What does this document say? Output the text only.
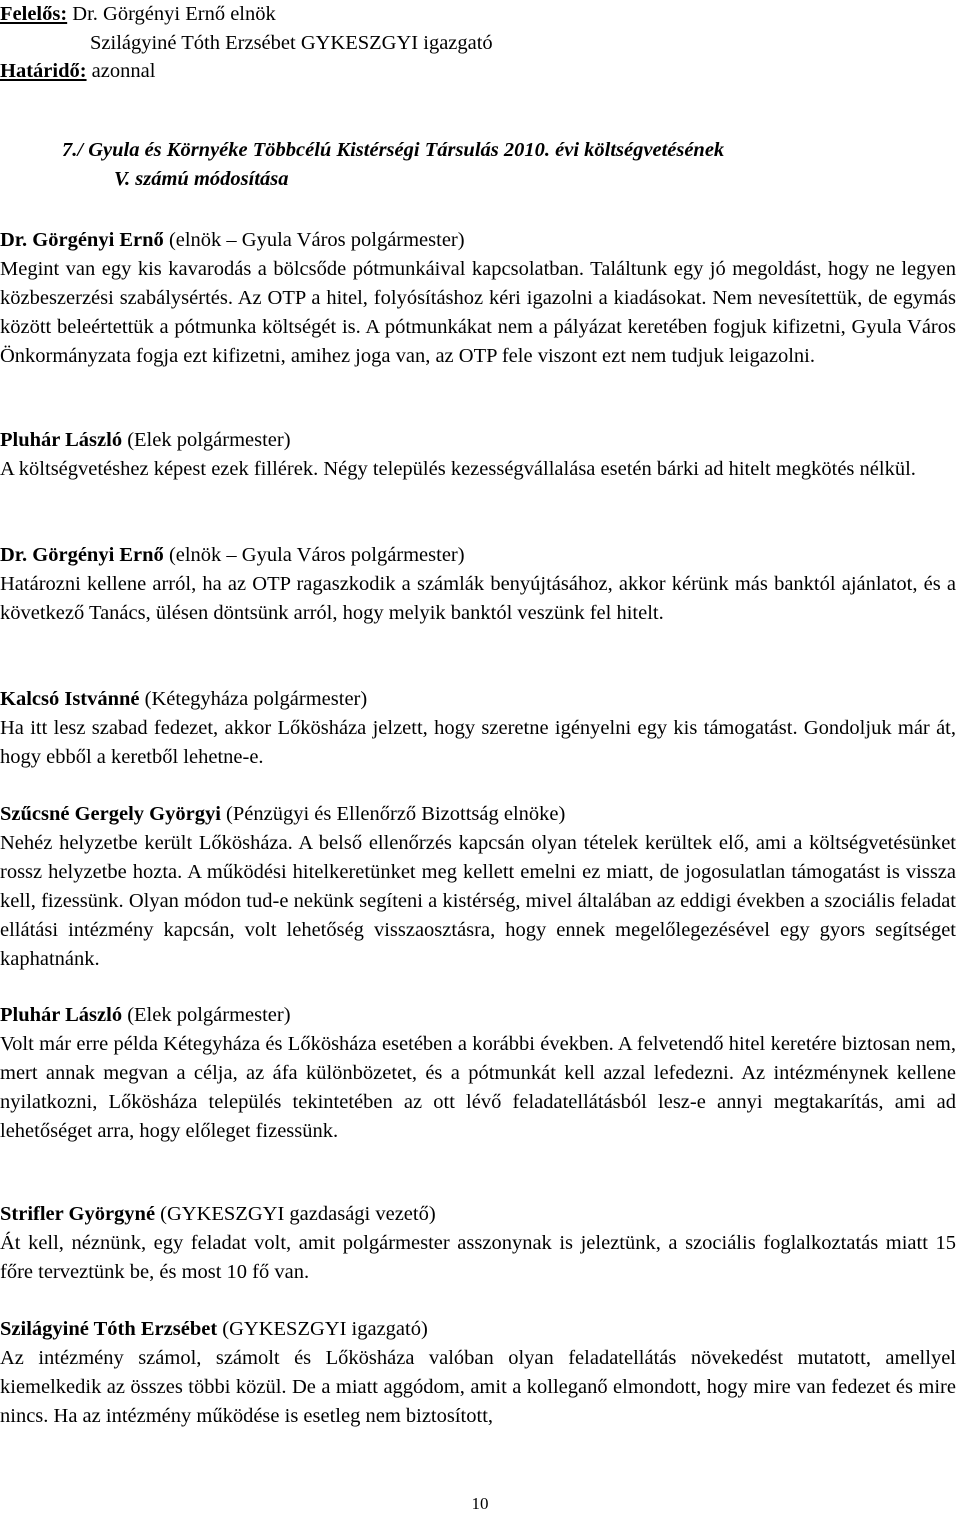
Felelős: Dr. Görgényi Ernő elnök
Szilágyiné Tóth Erzsébet GYKESZGYI igazgató
Határidő: azonnal
7./ Gyula és Környéke Többcélú Kistérségi Társulás 2010. évi költségvetésének
V. számú módosítása
Dr. Görgényi Ernő (elnök – Gyula Város polgármester)

Megint van egy kis kavarodás a bölcsőde pótmunkáival kapcsolatban. Találtunk egy jó megoldást, hogy ne legyen közbeszerzési szabálysértés. Az OTP a hitel, folyósításhoz kéri igazolni a kiadásokat. Nem nevesítettük, de egymás között beleértettük a pótmunka költségét is. A pótmunkákat nem a pályázat keretében fogjuk kifizetni, Gyula Város Önkormányzata fogja ezt kifizetni, amihez joga van, az OTP fele viszont ezt nem tudjuk leigazolni.

Pluhár László (Elek polgármester)

A költségvetéshez képest ezek fillérek. Négy település kezességvállalása esetén bárki ad hitelt megkötés nélkül.

Dr. Görgényi Ernő (elnök – Gyula Város polgármester)

Határozni kellene arról, ha az OTP ragaszkodik a számlák benyújtásához, akkor kérünk más banktól ajánlatot, és a következő Tanács, ülésen döntsünk arról, hogy melyik banktól veszünk fel hitelt.

Kalcsó Istvánné (Kétegyháza polgármester)

Ha itt lesz szabad fedezet, akkor Lőkösháza jelzett, hogy szeretne igényelni egy kis támogatást. Gondoljuk már át, hogy ebből a keretből lehetne-e.

Szűcsné Gergely Györgyi (Pénzügyi és Ellenőrző Bizottság elnöke)

Nehéz helyzetbe került Lőkösháza. A belső ellenőrzés kapcsán olyan tételek kerültek elő, ami a költségvetésünket rossz helyzetbe hozta. A működési hitelkeretünket meg kellett emelni ez miatt, de jogosulatlan támogatást is vissza kell, fizessünk. Olyan módon tud-e nekünk segíteni a kistérség, mivel általában az eddigi években a szociális feladat ellátási intézmény kapcsán, volt lehetőség visszaosztásra, hogy ennek megelőlegezésével egy gyors segítséget kaphatnánk.

Pluhár László (Elek polgármester)

Volt már erre példa Kétegyháza és Lőkösháza esetében a korábbi években. A felvetendő hitel keretére biztosan nem, mert annak megvan a célja, az áfa különbözetet, és a pótmunkát kell azzal lefedezni. Az intézménynek kellene nyilatkozni, Lőkösháza település tekintetében az ott lévő feladatellátásból lesz-e annyi megtakarítás, ami ad lehetőséget arra, hogy előleget fizessünk.

Strifler Györgyné (GYKESZGYI gazdasági vezető)

Át kell, néznünk, egy feladat volt, amit polgármester asszonynak is jeleztünk, a szociális foglalkoztatás miatt 15 főre terveztünk be, és most 10 fő van.

Szilágyiné Tóth Erzsébet (GYKESZGYI igazgató)

Az intézmény számol, számolt és Lőkösháza valóban olyan feladatellátás növekedést mutatott, amellyel kiemelkedik az összes többi közül. De a miatt aggódom, amit a kolleganő elmondott, hogy mire van fedezet és mire nincs. Ha az intézmény működése is esetleg nem biztosított,

10
